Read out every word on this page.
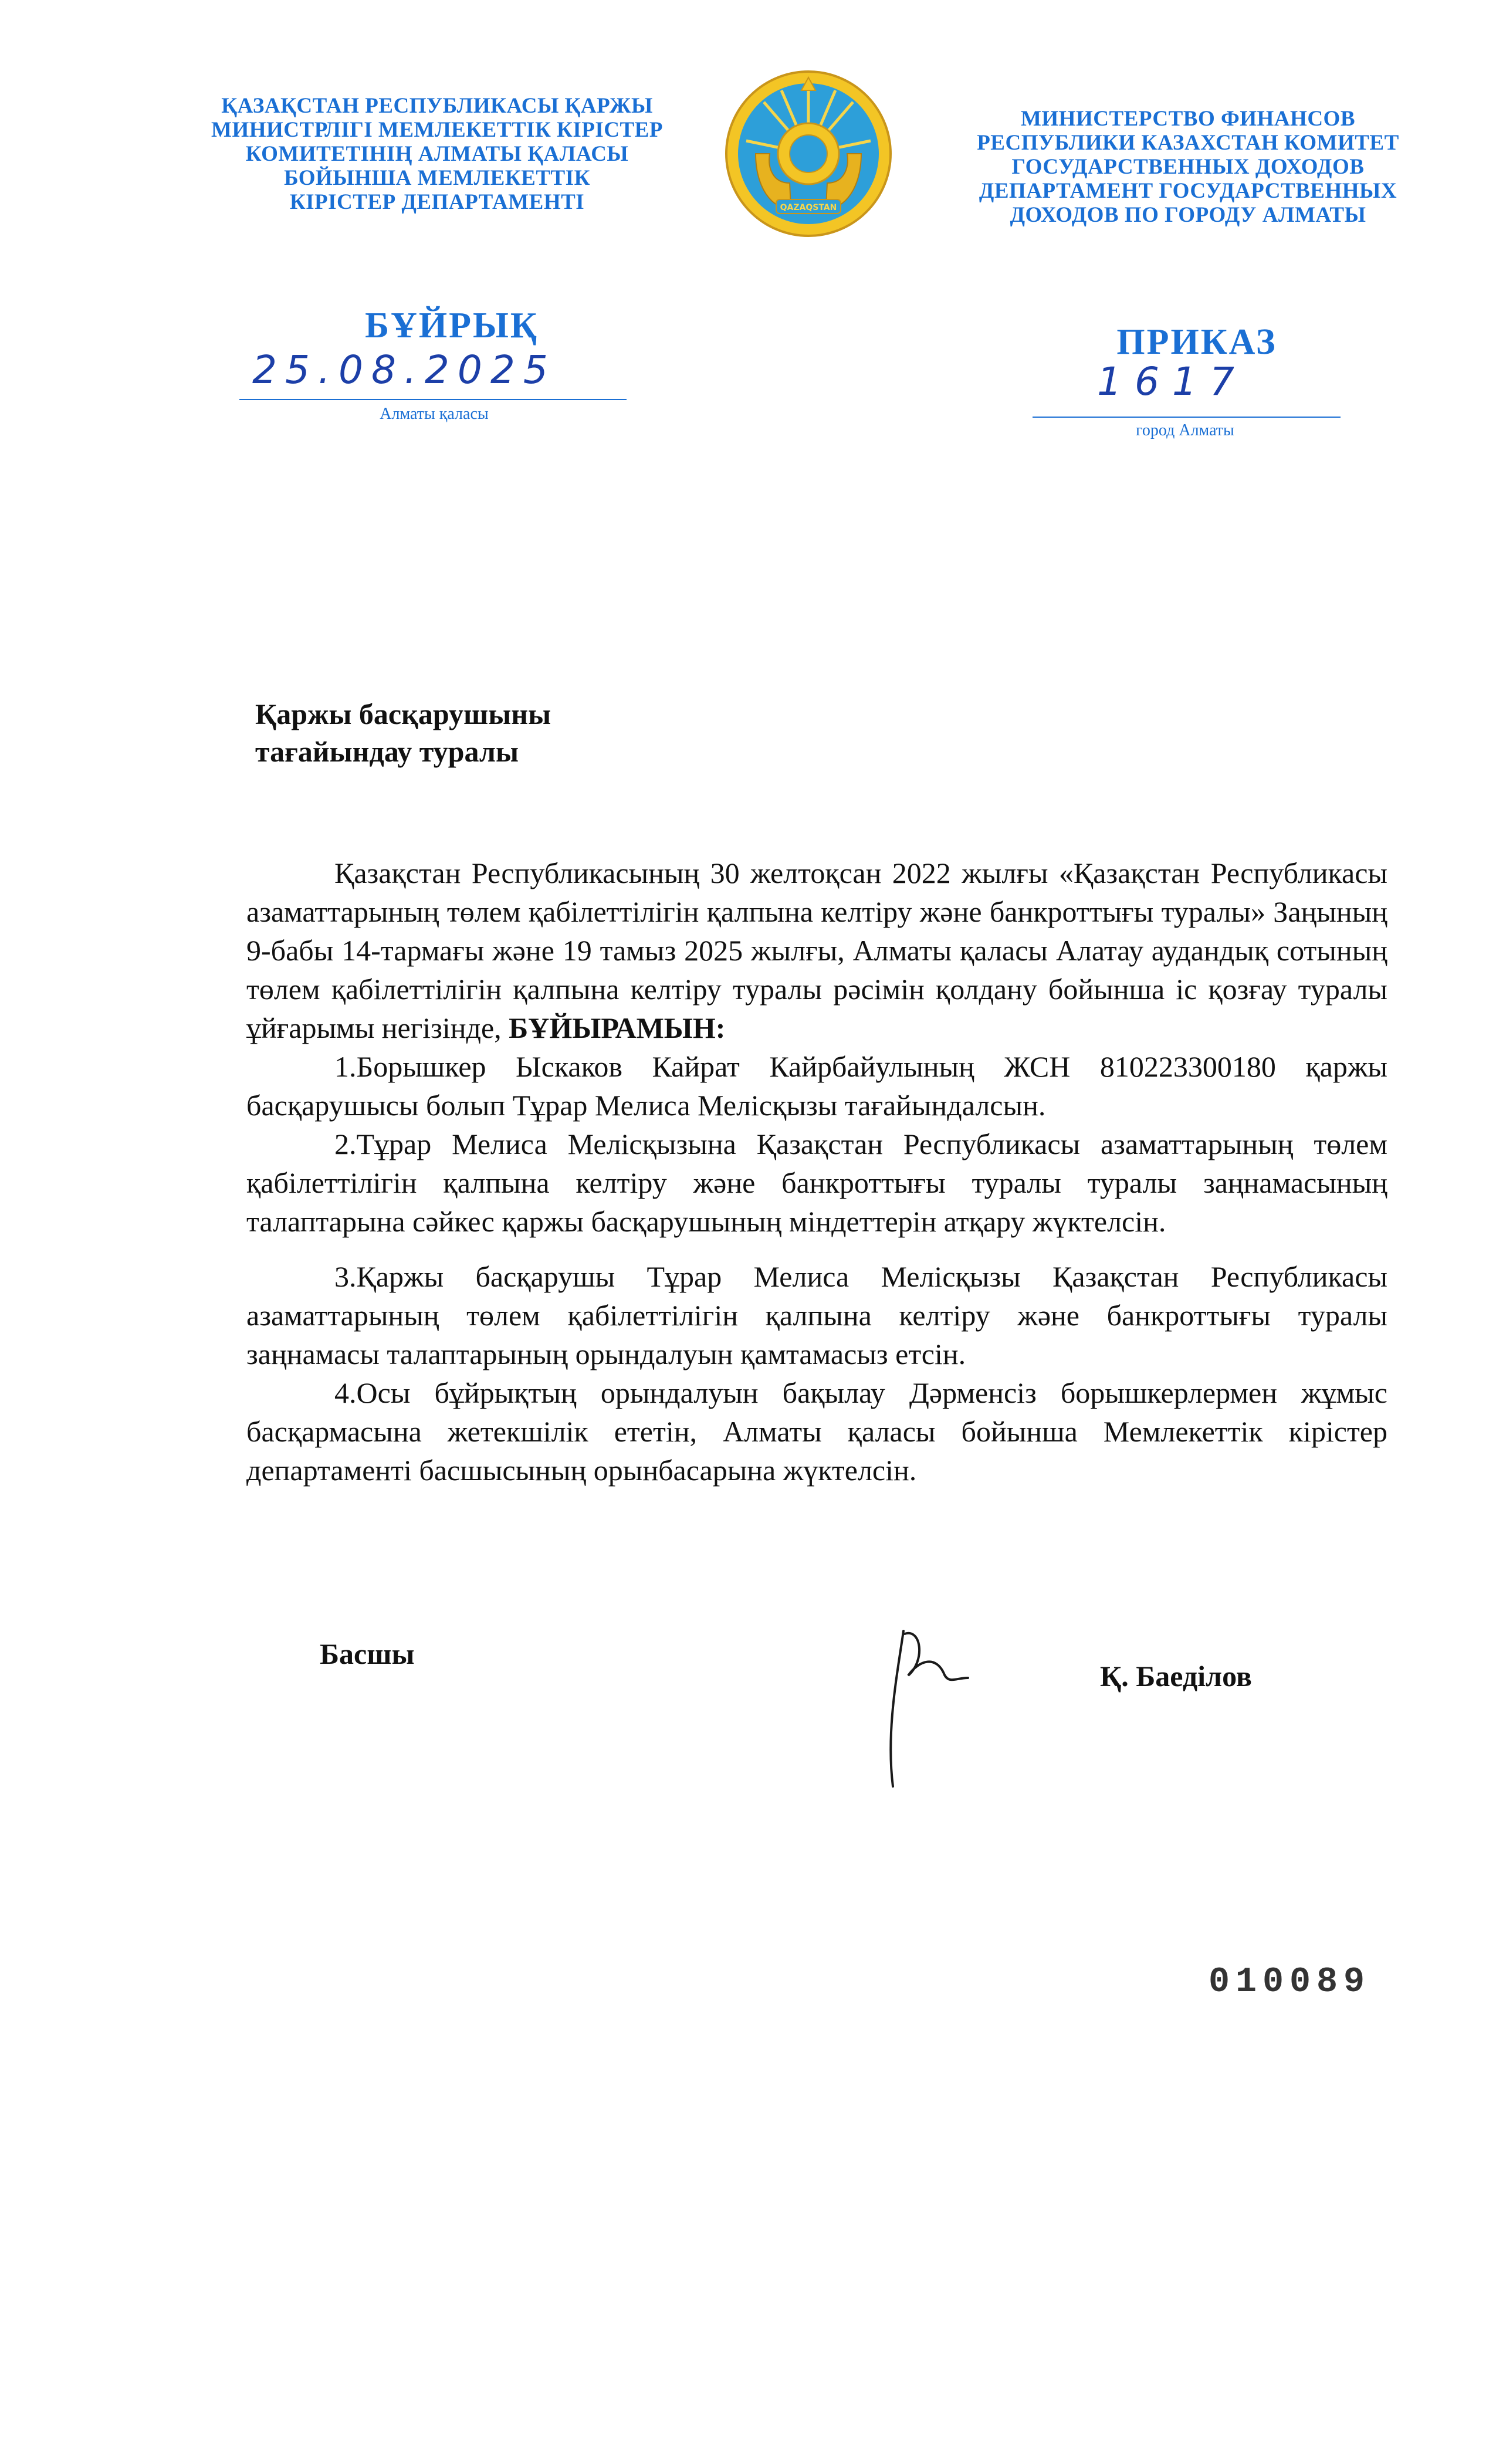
ҚАЗАҚСТАН РЕСПУБЛИКАСЫ ҚАРЖЫ
МИНИСТРЛІГІ МЕМЛЕКЕТТІК КІРІСТЕР
КОМИТЕТІНІҢ АЛМАТЫ ҚАЛАСЫ
БОЙЫНША МЕМЛЕКЕТТІК
КІРІСТЕР ДЕПАРТАМЕНТІ	QAZAQSTAN
МИНИСТЕРСТВО ФИНАНСОВ
РЕСПУБЛИКИ КАЗАХСТАН КОМИТЕТ
ГОСУДАРСТВЕННЫХ ДОХОДОВ
ДЕПАРТАМЕНТ ГОСУДАРСТВЕННЫХ
ДОХОДОВ ПО ГОРОДУ АЛМАТЫ
БҰЙРЫҚ	ПРИКАЗ
25.08.2025	1617
Алматы қаласы
город Алматы
Қаржы басқарушыны
тағайындау туралы

Қазақстан Республикасының 30 желтоқсан 2022 жылғы «Қазақстан Республикасы азаматтарының төлем қабілеттілігін қалпына келтіру және банкроттығы туралы» Заңының 9-бабы 14-тармағы және 19 тамыз 2025 жылғы, Алматы қаласы Алатау аудандық сотының төлем қабілеттілігін қалпына келтіру туралы рәсімін қолдану бойынша іс қозғау туралы ұйғарымы негізінде, БҰЙЫРАМЫН:

1.Борышкер Ыскаков Кайрат Кайрбайулының ЖСН 810223300180 қаржы басқарушысы болып Тұрар Мелиса Мелісқызы тағайындалсын.

2.Тұрар Мелиса Мелісқызына Қазақстан Республикасы азаматтарының төлем қабілеттілігін қалпына келтіру және банкроттығы туралы туралы заңнамасының талаптарына сәйкес қаржы басқарушының міндеттерін атқару жүктелсін.

3.Қаржы басқарушы Тұрар Мелиса Мелісқызы Қазақстан Республикасы азаматтарының төлем қабілеттілігін қалпына келтіру және банкроттығы туралы заңнамасы талаптарының орындалуын қамтамасыз етсін.

4.Осы бұйрықтың орындалуын бақылау Дәрменсіз борышкерлермен жұмыс басқармасына жетекшілік ететін, Алматы қаласы бойынша Мемлекеттік кірістер департаменті басшысының орынбасарына жүктелсін.

Басшы
Қ. Баеділов
010089
